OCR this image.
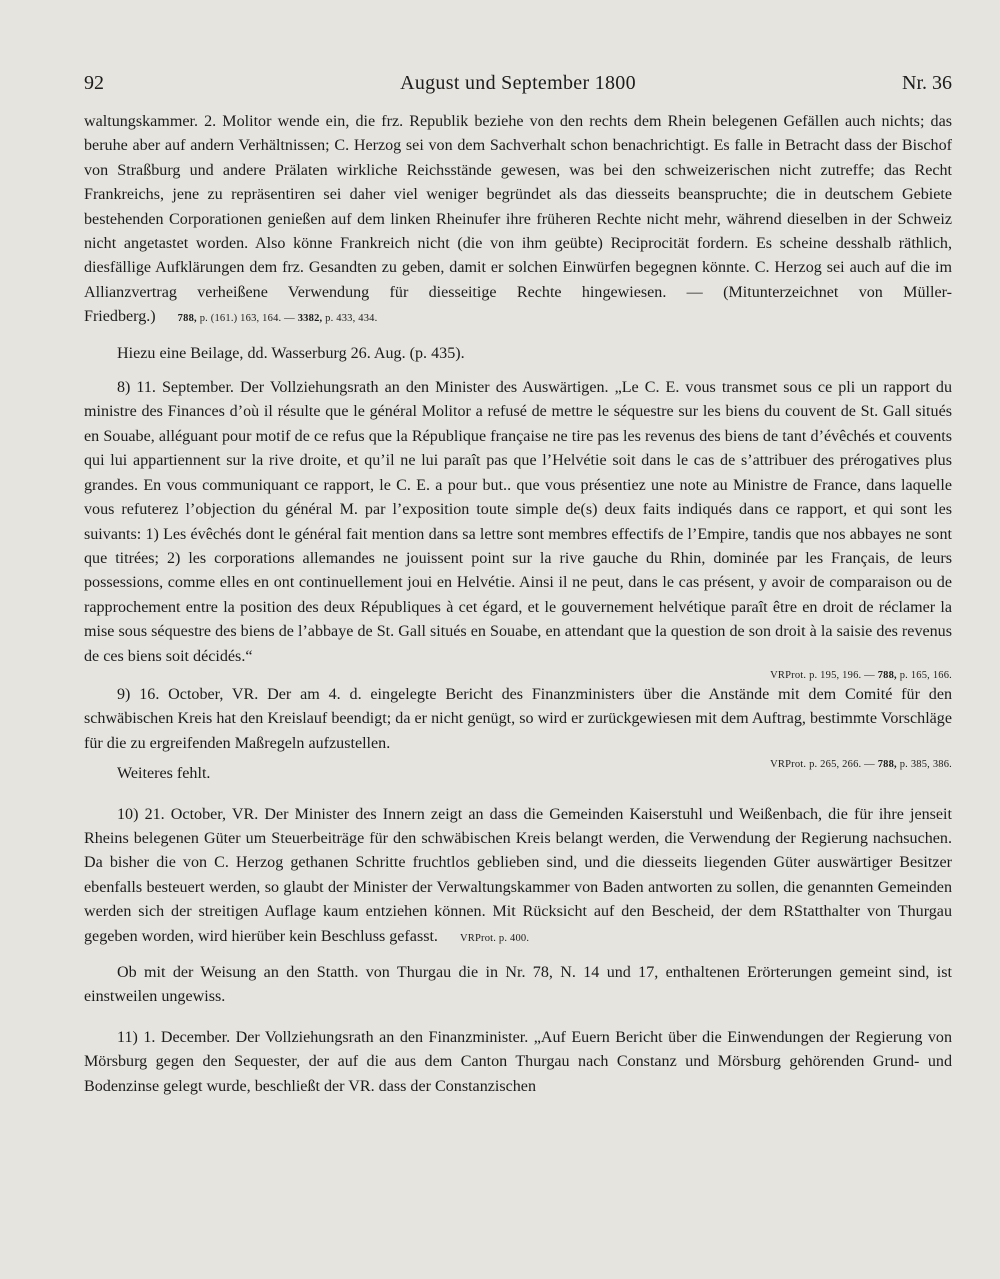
92	August und September 1800	Nr. 36

waltungskammer. 2. Molitor wende ein, die frz. Republik beziehe von den rechts dem Rhein belegenen Gefällen auch nichts; das beruhe aber auf andern Verhältnissen; C. Herzog sei von dem Sachverhalt schon benachrichtigt. Es falle in Betracht dass der Bischof von Straßburg und andere Prälaten wirkliche Reichsstände gewesen, was bei den schweizerischen nicht zutreffe; das Recht Frankreichs, jene zu repräsentiren sei daher viel weniger begründet als das diesseits beanspruchte; die in deutschem Gebiete bestehenden Corporationen genießen auf dem linken Rheinufer ihre früheren Rechte nicht mehr, während dieselben in der Schweiz nicht angetastet worden. Also könne Frankreich nicht (die von ihm geübte) Reciprocität fordern. Es scheine desshalb räthlich, diesfällige Aufklärungen dem frz. Gesandten zu geben, damit er solchen Einwürfen begegnen könnte. C. Herzog sei auch auf die im Allianzvertrag verheißene Verwendung für diesseitige Rechte hingewiesen. — (Mitunterzeichnet von Müller-Friedberg.) 788, p. (161.) 163, 164. — 3382, p. 433, 434.

Hiezu eine Beilage, dd. Wasserburg 26. Aug. (p. 435).

8) 11. September. Der Vollziehungsrath an den Minister des Auswärtigen. „Le C. E. vous transmet sous ce pli un rapport du ministre des Finances d’où il résulte que le général Molitor a refusé de mettre le séquestre sur les biens du couvent de St. Gall situés en Souabe, alléguant pour motif de ce refus que la République française ne tire pas les revenus des biens de tant d’évêchés et couvents qui lui appartiennent sur la rive droite, et qu’il ne lui paraît pas que l’Helvétie soit dans le cas de s’attribuer des prérogatives plus grandes. En vous communiquant ce rapport, le C. E. a pour but.. que vous présentiez une note au Ministre de France, dans laquelle vous refuterez l’objection du général M. par l’exposition toute simple de(s) deux faits indiqués dans ce rapport, et qui sont les suivants: 1) Les évêchés dont le général fait mention dans sa lettre sont membres effectifs de l’Empire, tandis que nos abbayes ne sont que titrées; 2) les corporations allemandes ne jouissent point sur la rive gauche du Rhin, dominée par les Français, de leurs possessions, comme elles en ont continuellement joui en Helvétie. Ainsi il ne peut, dans le cas présent, y avoir de comparaison ou de rapprochement entre la position des deux Républiques à cet égard, et le gouvernement helvétique paraît être en droit de réclamer la mise sous séquestre des biens de l’abbaye de St. Gall situés en Souabe, en attendant que la question de son droit à la saisie des revenus de ces biens soit décidés.“

VRProt. p. 195, 196. — 788, p. 165, 166.

9) 16. October, VR. Der am 4. d. eingelegte Bericht des Finanzministers über die Anstände mit dem Comité für den schwäbischen Kreis hat den Kreislauf beendigt; da er nicht genügt, so wird er zurückgewiesen mit dem Auftrag, bestimmte Vorschläge für die zu ergreifenden Maßregeln aufzustellen.

VRProt. p. 265, 266. — 788, p. 385, 386.

Weiteres fehlt.

10) 21. October, VR. Der Minister des Innern zeigt an dass die Gemeinden Kaiserstuhl und Weißenbach, die für ihre jenseit Rheins belegenen Güter um Steuerbeiträge für den schwäbischen Kreis belangt werden, die Verwendung der Regierung nachsuchen. Da bisher die von C. Herzog gethanen Schritte fruchtlos geblieben sind, und die diesseits liegenden Güter auswärtiger Besitzer ebenfalls besteuert werden, so glaubt der Minister der Verwaltungskammer von Baden antworten zu sollen, die genannten Gemeinden werden sich der streitigen Auflage kaum entziehen können. Mit Rücksicht auf den Bescheid, der dem RStatthalter von Thurgau gegeben worden, wird hierüber kein Beschluss gefasst. VRProt. p. 400.

Ob mit der Weisung an den Statth. von Thurgau die in Nr. 78, N. 14 und 17, enthaltenen Erörterungen gemeint sind, ist einstweilen ungewiss.

11) 1. December. Der Vollziehungsrath an den Finanzminister. „Auf Euern Bericht über die Einwendungen der Regierung von Mörsburg gegen den Sequester, der auf die aus dem Canton Thurgau nach Constanz und Mörsburg gehörenden Grund- und Bodenzinse gelegt wurde, beschließt der VR. dass der Constanzischen
